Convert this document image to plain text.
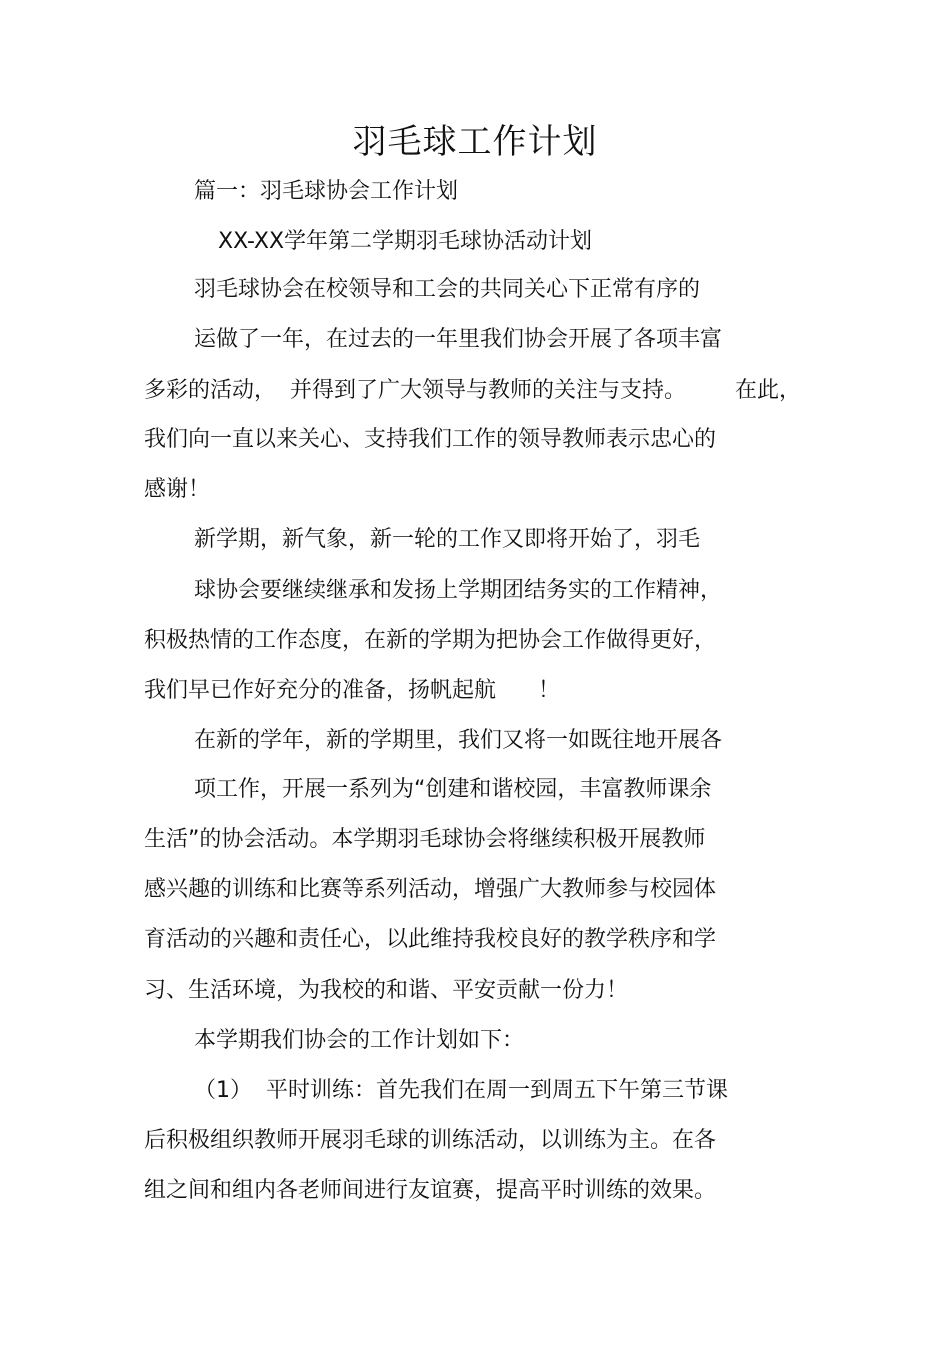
羽毛球工作计划
篇一：羽毛球协会工作计划
XX-XX学年第二学期羽毛球协活动计划
羽毛球协会在校领导和工会的共同关心下正常有序的
运做了一年，在过去的一年里我们协会开展了各项丰富
多彩的活动，  并得到了广大领导与教师的关注与支持。       在此，
我们向一直以来关心、支持我们工作的领导教师表示忠心的
感谢！
新学期，新气象，新一轮的工作又即将开始了，羽毛
球协会要继续继承和发扬上学期团结务实的工作精神，
积极热情的工作态度，在新的学期为把协会工作做得更好，
我们早已作好充分的准备，扬帆起航      ！
在新的学年，新的学期里，我们又将一如既往地开展各
项工作，开展一系列为“创建和谐校园，丰富教师课余
生活”的协会活动。本学期羽毛球协会将继续积极开展教师
感兴趣的训练和比赛等系列活动，增强广大教师参与校园体
育活动的兴趣和责任心，以此维持我校良好的教学秩序和学
习、生活环境，为我校的和谐、平安贡献一份力！
本学期我们协会的工作计划如下：
（1）  平时训练：首先我们在周一到周五下午第三节课
后积极组织教师开展羽毛球的训练活动，以训练为主。在各
组之间和组内各老师间进行友谊赛，提高平时训练的效果。
